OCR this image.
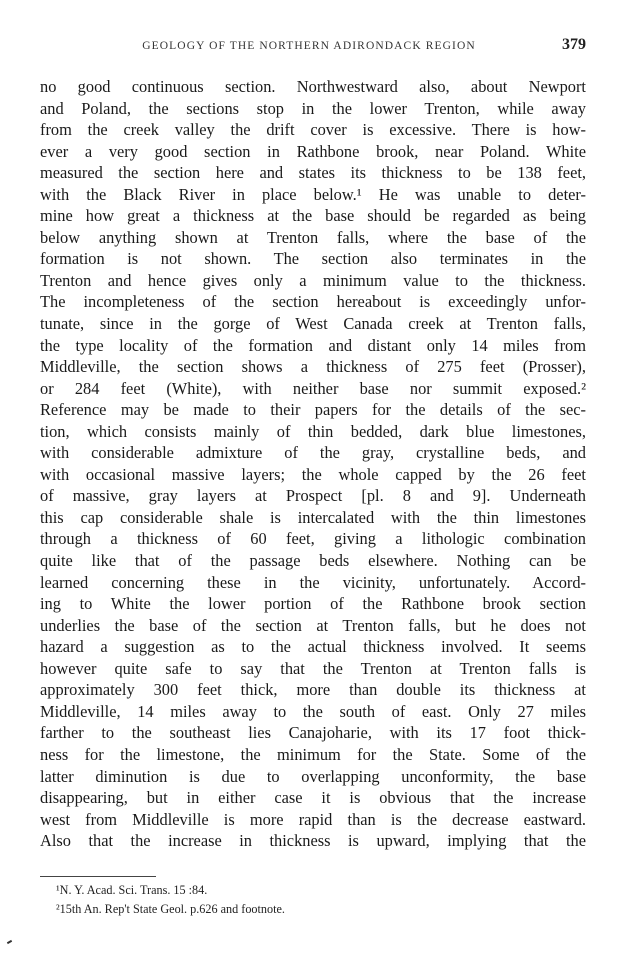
GEOLOGY OF THE NORTHERN ADIRONDACK REGION	379
no good continuous section. Northwestward also, about Newport
and Poland, the sections stop in the lower Trenton, while away
from the creek valley the drift cover is excessive. There is how-
ever a very good section in Rathbone brook, near Poland. White
measured the section here and states its thickness to be 138 feet,
with the Black River in place below.¹ He was unable to deter-
mine how great a thickness at the base should be regarded as being
below anything shown at Trenton falls, where the base of the
formation is not shown. The section also terminates in the
Trenton and hence gives only a minimum value to the thickness.
The incompleteness of the section hereabout is exceedingly unfor-
tunate, since in the gorge of West Canada creek at Trenton falls,
the type locality of the formation and distant only 14 miles from
Middleville, the section shows a thickness of 275 feet (Prosser),
or 284 feet (White), with neither base nor summit exposed.²
Reference may be made to their papers for the details of the sec-
tion, which consists mainly of thin bedded, dark blue limestones,
with considerable admixture of the gray, crystalline beds, and
with occasional massive layers; the whole capped by the 26 feet
of massive, gray layers at Prospect [pl. 8 and 9]. Underneath
this cap considerable shale is intercalated with the thin limestones
through a thickness of 60 feet, giving a lithologic combination
quite like that of the passage beds elsewhere. Nothing can be
learned concerning these in the vicinity, unfortunately. Accord-
ing to White the lower portion of the Rathbone brook section
underlies the base of the section at Trenton falls, but he does not
hazard a suggestion as to the actual thickness involved. It seems
however quite safe to say that the Trenton at Trenton falls is
approximately 300 feet thick, more than double its thickness at
Middleville, 14 miles away to the south of east. Only 27 miles
farther to the southeast lies Canajoharie, with its 17 foot thick-
ness for the limestone, the minimum for the State. Some of the
latter diminution is due to overlapping unconformity, the base
disappearing, but in either case it is obvious that the increase
west from Middleville is more rapid than is the decrease eastward.
Also that the increase in thickness is upward, implying that the
¹N. Y. Acad. Sci. Trans. 15 :84.
²15th An. Rep't State Geol. p.626 and footnote.
